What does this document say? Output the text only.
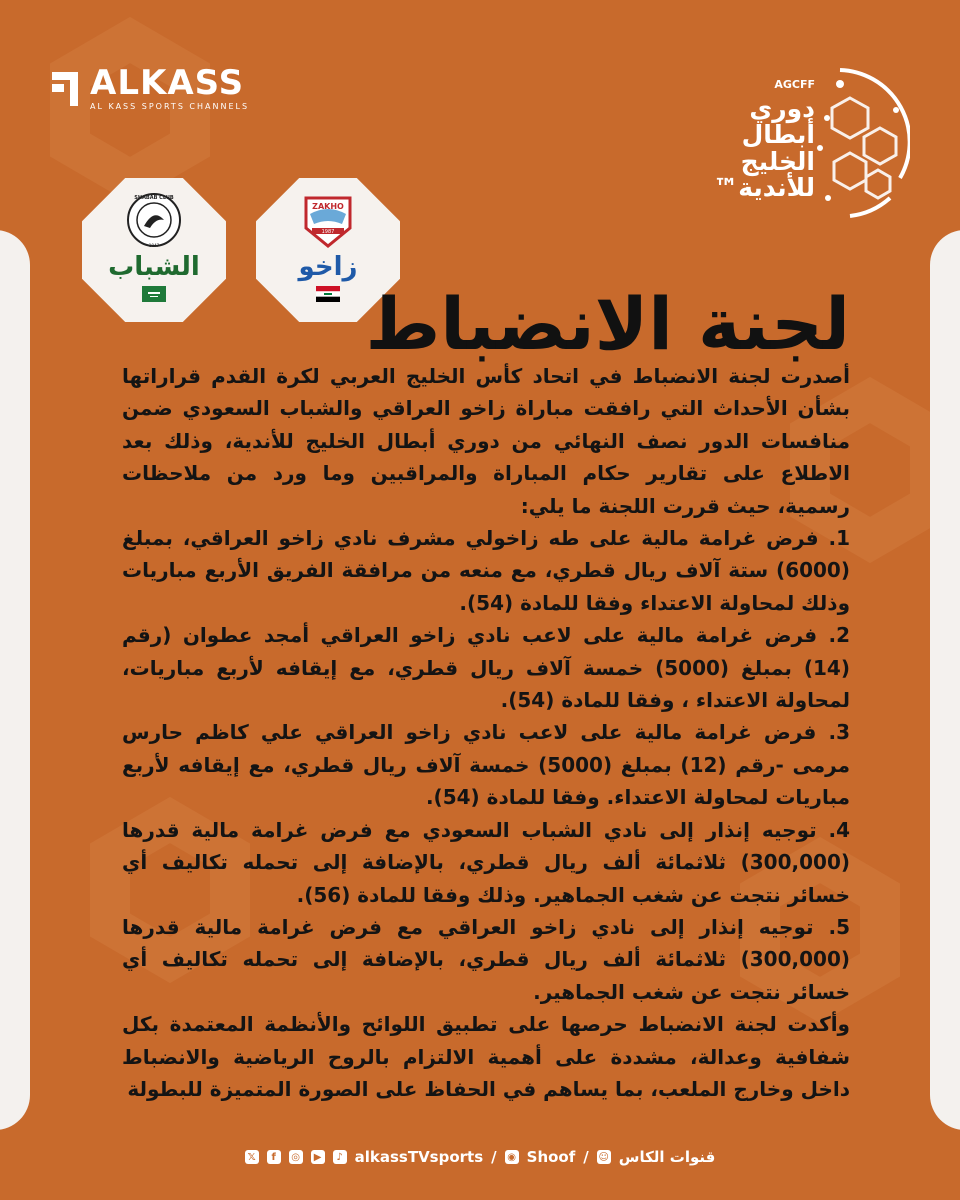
ALKASS
AL KASS SPORTS CHANNELS
AGCFF
دوري أبطال الخليج للأندية™
ZAKHO
1987
زاخو
SHABAB CLUB
1947
الشباب
لجنة الانضباط

أصدرت لجنة الانضباط في اتحاد كأس الخليج العربي لكرة القدم قراراتها بشأن الأحداث التي رافقت مباراة زاخو العراقي والشباب السعودي ضمن منافسات الدور نصف النهائي من دوري أبطال الخليج للأندية، وذلك بعد الاطلاع على تقارير حكام المباراة والمراقبين وما ورد من ملاحظات رسمية، حيث قررت اللجنة ما يلي:

1. فرض غرامة مالية على طه زاخولي مشرف نادي زاخو العراقي، بمبلغ (6000) ستة آلاف ريال قطري، مع منعه من مرافقة الفريق الأربع مباريات وذلك لمحاولة الاعتداء وفقا للمادة (54).

2. فرض غرامة مالية على لاعب نادي زاخو العراقي أمجد عطوان (رقم (14) بمبلغ (5000) خمسة آلاف ريال قطري، مع إيقافه لأربع مباريات، لمحاولة الاعتداء ، وفقا للمادة (54).

3. فرض غرامة مالية على لاعب نادي زاخو العراقي علي كاظم حارس مرمى -رقم (12) بمبلغ (5000) خمسة آلاف ريال قطري، مع إيقافه لأربع مباريات لمحاولة الاعتداء. وفقا للمادة (54).

4. توجيه إنذار إلى نادي الشباب السعودي مع فرض غرامة مالية قدرها (300,000) ثلاثمائة ألف ريال قطري، بالإضافة إلى تحمله تكاليف أي خسائر نتجت عن شغب الجماهير. وذلك وفقا للمادة (56).

5. توجيه إنذار إلى نادي زاخو العراقي مع فرض غرامة مالية قدرها (300,000) ثلاثمائة ألف ريال قطري، بالإضافة إلى تحمله تكاليف أي خسائر نتجت عن شغب الجماهير.

وأكدت لجنة الانضباط حرصها على تطبيق اللوائح والأنظمة المعتمدة بكل شفافية وعدالة، مشددة على أهمية الالتزام بالروح الرياضية والانضباط داخل وخارج الملعب، بما يساهم في الحفاظ على الصورة المتميزة للبطولة

𝕏	f	◎	▶	♪ alkassTVsports / ◉ Shoof / ☺ قنوات الكاس
